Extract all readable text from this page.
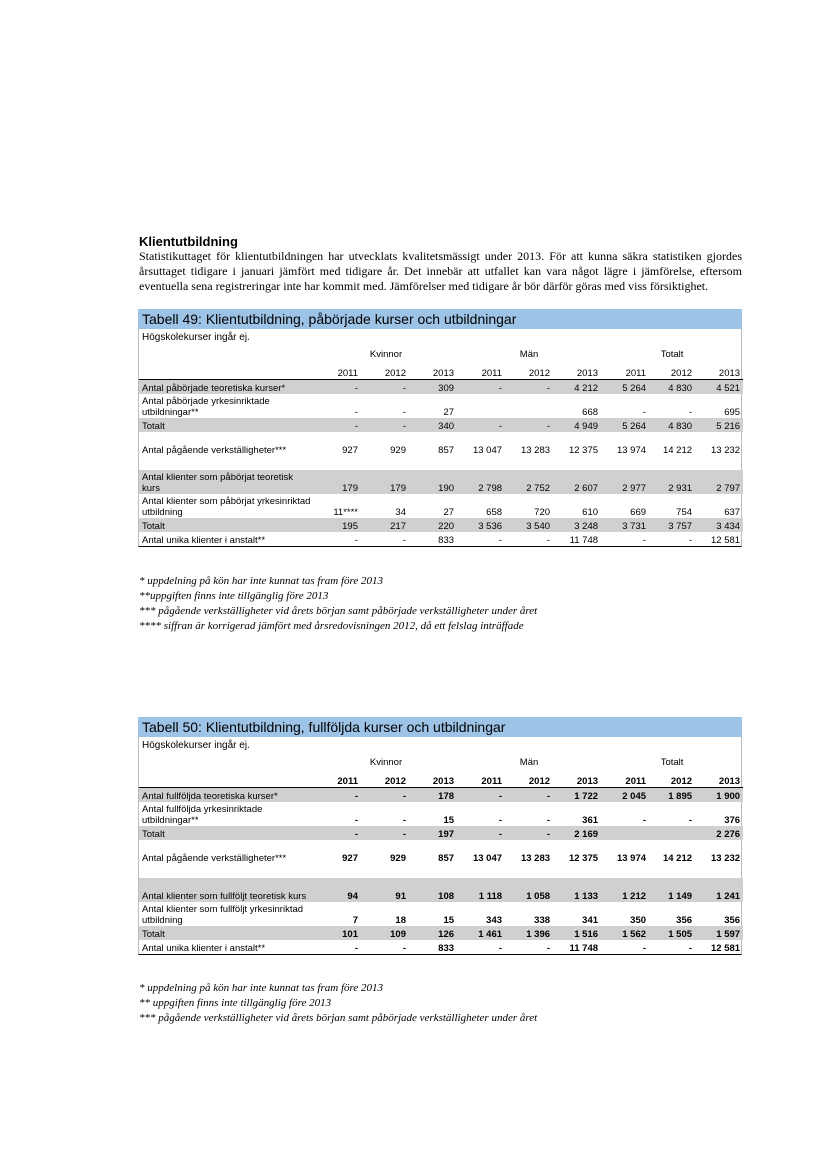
Klientutbildning

Statistikuttaget för klientutbildningen har utvecklats kvalitetsmässigt under 2013. För att kunna säkra statistiken gjordes årsuttaget tidigare i januari jämfört med tidigare år. Det innebär att utfallet kan vara något lägre i jämförelse, eftersom eventuella sena registreringar inte har kommit med. Jämförelser med tidigare år bör därför göras med viss försiktighet.

Tabell 49: Klientutbildning, påbörjade kurser och utbildningar
Högskolekurser ingår ej.
	Kvinnor			Män			Totalt		
	2011	2012	2013	2011	2012	2013	2011	2012	2013
Antal påbörjade teoretiska kurser*	-	-	309	-	-	4 212	5 264	4 830	4 521
Antal påbörjade yrkesinriktade utbildningar**	-	-	27			668	-	-	695
Totalt	-	-	340	-	-	4 949	5 264	4 830	5 216
Antal pågående verkställigheter***	927	929	857	13 047	13 283	12 375	13 974	14 212	13 232

Antal klienter som påbörjat teoretisk kurs	179	179	190	2 798	2 752	2 607	2 977	2 931	2 797
Antal klienter som påbörjat yrkesinriktad utbildning	11****	34	27	658	720	610	669	754	637
Totalt	195	217	220	3 536	3 540	3 248	3 731	3 757	3 434
Antal unika klienter i anstalt**	-	-	833	-	-	11 748	-	-	12 581
* uppdelning på kön har inte kunnat tas fram före 2013
**uppgiften finns inte tillgänglig före 2013
*** pågående verkställigheter vid årets början samt påbörjade verkställigheter under året
**** siffran är korrigerad jämfört med årsredovisningen 2012, då ett felslag inträffade
Tabell 50: Klientutbildning, fullföljda kurser och utbildningar
Högskolekurser ingår ej.
	Kvinnor			Män			Totalt		
	2011	2012	2013	2011	2012	2013	2011	2012	2013
Antal fullföljda teoretiska kurser*	-	-	178	-	-	1 722	2 045	1 895	1 900
Antal fullföljda yrkesinriktade utbildningar**	-	-	15	-	-	361	-	-	376
Totalt	-	-	197	-	-	2 169			2 276
Antal pågående verkställigheter***	927	929	857	13 047	13 283	12 375	13 974	14 212	13 232

Antal klienter som fullföljt teoretisk kurs	94	91	108	1 118	1 058	1 133	1 212	1 149	1 241
Antal klienter som fullföljt yrkesinriktad utbildning	7	18	15	343	338	341	350	356	356
Totalt	101	109	126	1 461	1 396	1 516	1 562	1 505	1 597
Antal unika klienter i anstalt**	-	-	833	-	-	11 748	-	-	12 581
* uppdelning på kön har inte kunnat tas fram före 2013
** uppgiften finns inte tillgänglig före 2013
*** pågående verkställigheter vid årets början samt påbörjade verkställigheter under året
